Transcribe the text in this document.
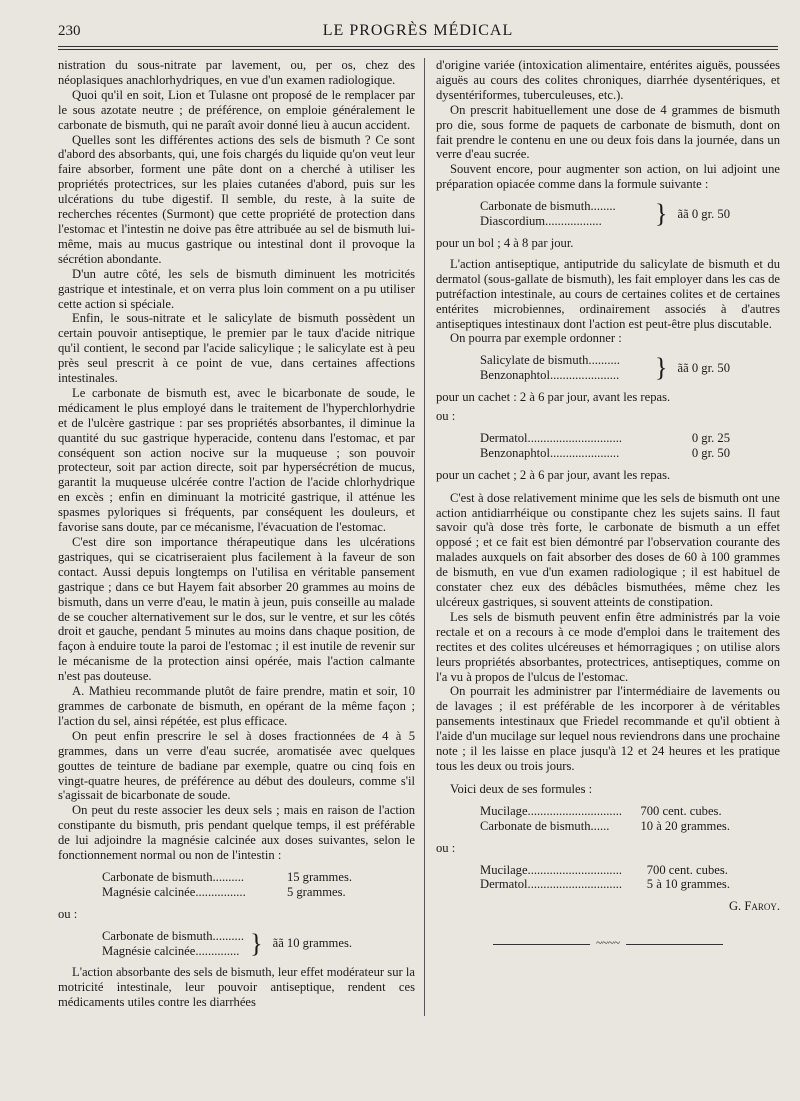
230	LE PROGRÈS MÉDICAL

nistration du sous-nitrate par lavement, ou, per os, chez des néoplasiques anachlorhydriques, en vue d'un examen radiologique.

Quoi qu'il en soit, Lion et Tulasne ont proposé de le remplacer par le sous azotate neutre ; de préférence, on emploie généralement le carbonate de bismuth, qui ne paraît avoir donné lieu à aucun accident.

Quelles sont les différentes actions des sels de bismuth ? Ce sont d'abord des absorbants, qui, une fois chargés du liquide qu'on veut leur faire absorber, forment une pâte dont on a cherché à utiliser les propriétés protectrices, sur les plaies cutanées d'abord, puis sur les ulcérations du tube digestif. Il semble, du reste, à la suite de recherches récentes (Surmont) que cette propriété de protection dans l'estomac et l'intestin ne doive pas être attribuée au sel de bismuth lui-même, mais au mucus gastrique ou intestinal dont il provoque la sécrétion abondante.

D'un autre côté, les sels de bismuth diminuent les motricités gastrique et intestinale, et on verra plus loin comment on a pu utiliser cette action si spéciale.

Enfin, le sous-nitrate et le salicylate de bismuth possèdent un certain pouvoir antiseptique, le premier par le taux d'acide nitrique qu'il contient, le second par l'acide salicylique ; le salicylate est à peu près seul prescrit à ce point de vue, dans certaines affections intestinales.

Le carbonate de bismuth est, avec le bicarbonate de soude, le médicament le plus employé dans le traitement de l'hyperchlorhydrie et de l'ulcère gastrique : par ses propriétés absorbantes, il diminue la quantité du suc gastrique hyperacide, contenu dans l'estomac, et par conséquent son action nocive sur la muqueuse ; son pouvoir protecteur, soit par action directe, soit par hypersécrétion de mucus, garantit la muqueuse ulcérée contre l'action de l'acide chlorhydrique en excès ; enfin en diminuant la motricité gastrique, il atténue les spasmes pyloriques si fréquents, par conséquent les douleurs, et favorise sans doute, par ce mécanisme, l'évacuation de l'estomac.

C'est dire son importance thérapeutique dans les ulcérations gastriques, qui se cicatriseraient plus facilement à la faveur de son contact. Aussi depuis longtemps on l'utilisa en véritable pansement gastrique ; dans ce but Hayem fait absorber 20 grammes au moins de bismuth, dans un verre d'eau, le matin à jeun, puis conseille au malade de se coucher alternativement sur le dos, sur le ventre, et sur les côtés droit et gauche, pendant 5 minutes au moins dans chaque position, de façon à enduire toute la paroi de l'estomac ; il est inutile de revenir sur le mécanisme de la protection ainsi opérée, mais l'action calmante n'est pas douteuse.

A. Mathieu recommande plutôt de faire prendre, matin et soir, 10 grammes de carbonate de bismuth, en opérant de la même façon ; l'action du sel, ainsi répétée, est plus efficace.

On peut enfin prescrire le sel à doses fractionnées de 4 à 5 grammes, dans un verre d'eau sucrée, aromatisée avec quelques gouttes de teinture de badiane par exemple, quatre ou cinq fois en vingt-quatre heures, de préférence au début des douleurs, comme s'il s'agissait de bicarbonate de soude.

On peut du reste associer les deux sels ; mais en raison de l'action constipante du bismuth, pris pendant quelque temps, il est préférable de lui adjoindre la magnésie calcinée aux doses suivantes, selon le fonctionnement normal ou non de l'intestin :

Carbonate de bismuth..........	15 grammes.
Magnésie calcinée................	5 grammes.
ou :
Carbonate de bismuth..........
Magnésie calcinée.............. } ãã 10 grammes.

L'action absorbante des sels de bismuth, leur effet modérateur sur la motricité intestinale, leur pouvoir antiseptique, rendent ces médicaments utiles contre les diarrhées

d'origine variée (intoxication alimentaire, entérites aiguës, poussées aiguës au cours des colites chroniques, diarrhée dysentériques, et dysentériformes, tuberculeuses, etc.).

On prescrit habituellement une dose de 4 grammes de bismuth pro die, sous forme de paquets de carbonate de bismuth, dont on fait prendre le contenu en une ou deux fois dans la journée, dans un verre d'eau sucrée.

Souvent encore, pour augmenter son action, on lui adjoint une préparation opiacée comme dans la formule suivante :

Carbonate de bismuth........
Diascordium..................	} ãã 0 gr. 50

pour un bol ; 4 à 8 par jour.

L'action antiseptique, antiputride du salicylate de bismuth et du dermatol (sous-gallate de bismuth), les fait employer dans les cas de putréfaction intestinale, au cours de certaines colites et de certaines entérites microbiennes, ordinairement associés à d'autres antiseptiques intestinaux dont l'action est peut-être plus discutable.

On pourra par exemple ordonner :

Salicylate de bismuth..........
Benzonaphtol......................	} ãã 0 gr. 50

pour un cachet : 2 à 6 par jour, avant les repas.

ou :
Dermatol..............................	0 gr. 25
Benzonaphtol......................	0 gr. 50

pour un cachet ; 2 à 6 par jour, avant les repas.

C'est à dose relativement minime que les sels de bismuth ont une action antidiarrhéique ou constipante chez les sujets sains. Il faut savoir qu'à dose très forte, le carbonate de bismuth a un effet opposé ; et ce fait est bien démontré par l'observation courante des malades auxquels on fait absorber des doses de 60 à 100 grammes de bismuth, en vue d'un examen radiologique ; il est habituel de constater chez eux des débâcles bismuthées, même chez les ulcéreux gastriques, si souvent atteints de constipation.

Les sels de bismuth peuvent enfin être administrés par la voie rectale et on a recours à ce mode d'emploi dans le traitement des rectites et des colites ulcéreuses et hémorragiques ; on utilise alors leurs propriétés absorbantes, protectrices, antiseptiques, comme on l'a vu à propos de l'ulcus de l'estomac.

On pourrait les administrer par l'intermédiaire de lavements ou de lavages ; il est préférable de les incorporer à de véritables pansements intestinaux que Friedel recommande et qu'il obtient à l'aide d'un mucilage sur lequel nous reviendrons dans une prochaine note ; il les laisse en place jusqu'à 12 et 24 heures et les pratique tous les deux ou trois jours.

Voici deux de ses formules :

Mucilage..............................	700 cent. cubes.
Carbonate de bismuth......	10 à 20 grammes.
ou :
Mucilage..............................	700 cent. cubes.
Dermatol..............................	5 à 10 grammes.
G. Faroy.
~~~~
